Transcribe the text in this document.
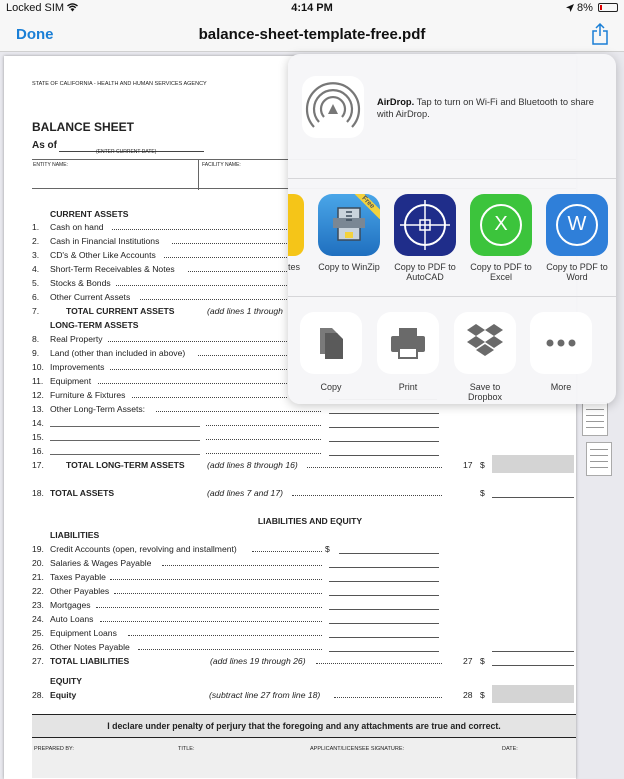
Locked SIM	4:14 PM	8%
Done	balance-sheet-template-free.pdf
STATE OF CALIFORNIA - HEALTH AND HUMAN SERVICES AGENCY
BALANCE SHEET
As of
(ENTER CURRENT DATE)
ENTITY NAME:	FACILITY NAME:
CURRENT ASSETS
1. Cash on hand
2. Cash in Financial Institutions
3. CD's & Other Like Accounts
4. Short-Term Receivables & Notes
5. Stocks & Bonds
6. Other Current Assets
7.	TOTAL CURRENT ASSETS	(add lines 1 through
LONG-TERM ASSETS
8. Real Property
9. Land (other than included in above)
10. Improvements
11. Equipment
12. Furniture & Fixtures
13. Other Long-Term Assets:
14.
15.
16.
17.	TOTAL LONG-TERM ASSETS	(add lines 8 through 16)	17 $
18. TOTAL ASSETS	(add lines 7 and 17)	$
LIABILITIES AND EQUITY
LIABILITIES
19. Credit Accounts (open, revolving and installment)	$
20. Salaries & Wages Payable
21. Taxes Payable
22. Other Payables
23. Mortgages
24. Auto Loans
25. Equipment Loans
26. Other Notes Payable
27. TOTAL LIABILITIES	(add lines 19 through 26)	27 $
EQUITY
28. Equity	(subtract line 27 from line 18)	28 $
I declare under penalty of perjury that the foregoing and any attachments are true and correct.
PREPARED BY:	TITLE:	APPLICANT/LICENSEE SIGNATURE:	DATE:
AirDrop. Tap to turn on Wi-Fi and Bluetooth to share with AirDrop.
tes
Free
Copy to WinZip Copy to PDF to AutoCAD
X
Copy to PDF to Excel
W
Copy to PDF to Word
Copy	Print	Save to Dropbox
More
